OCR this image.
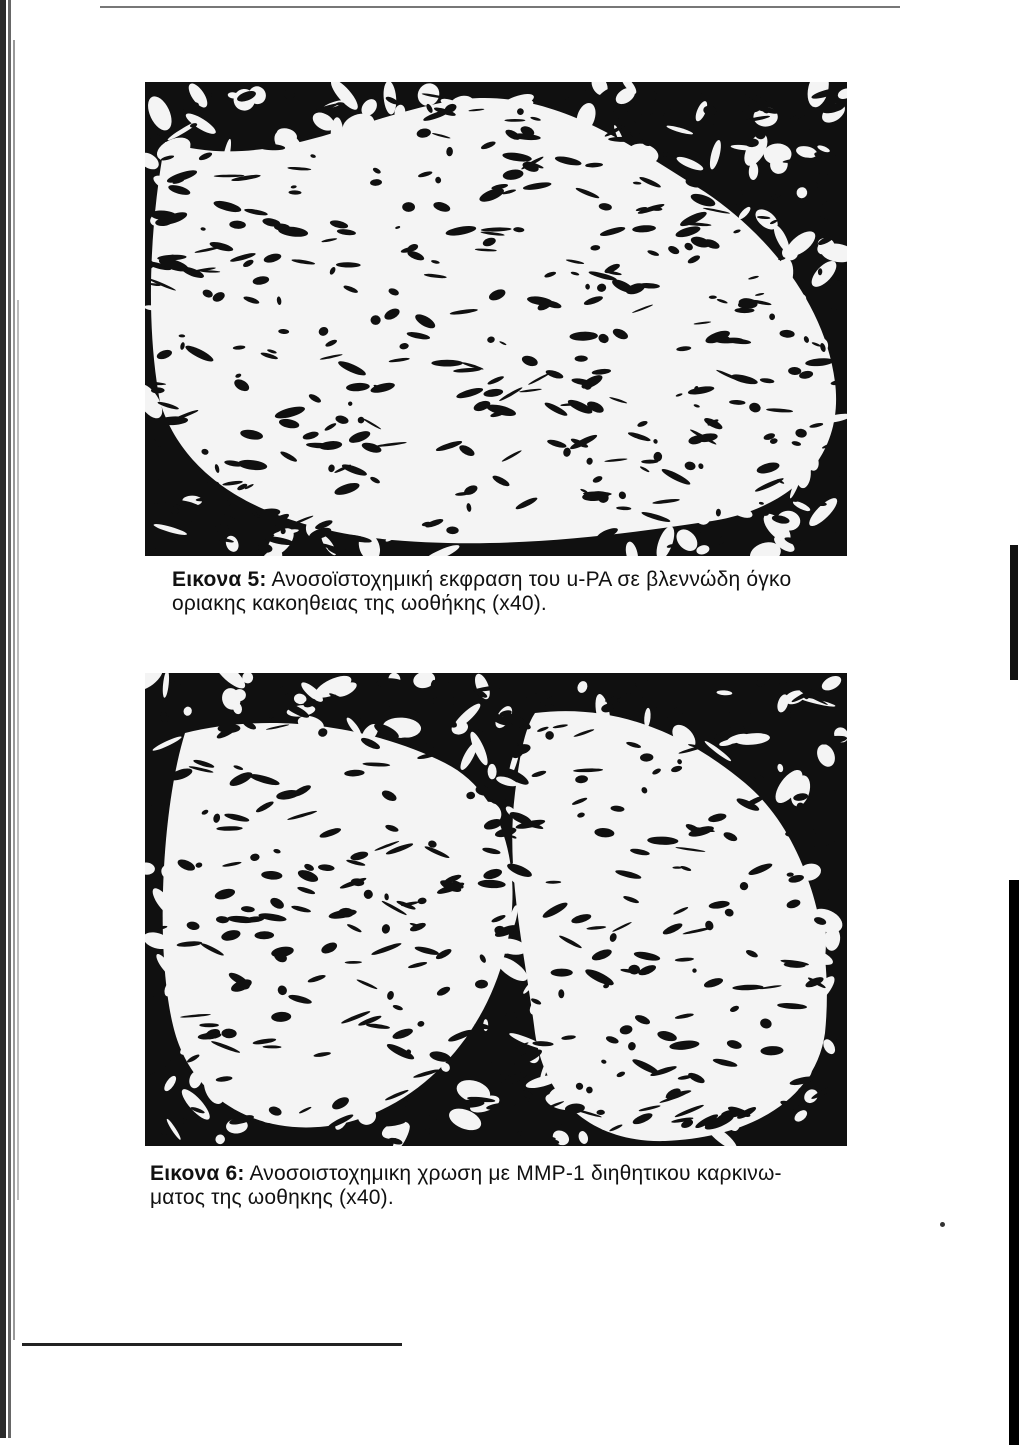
Εικονα 5: Ανοσοϊστοχημική εκφραση του u-PA σε βλεννώδη όγκο
οριακης κακοηθειας της ωοθήκης (x40).
Εικονα 6: Ανοσοιστοχημικη χρωση με MMP-1 διηθητικου καρκινω-
ματος της ωοθηκης (x40).
